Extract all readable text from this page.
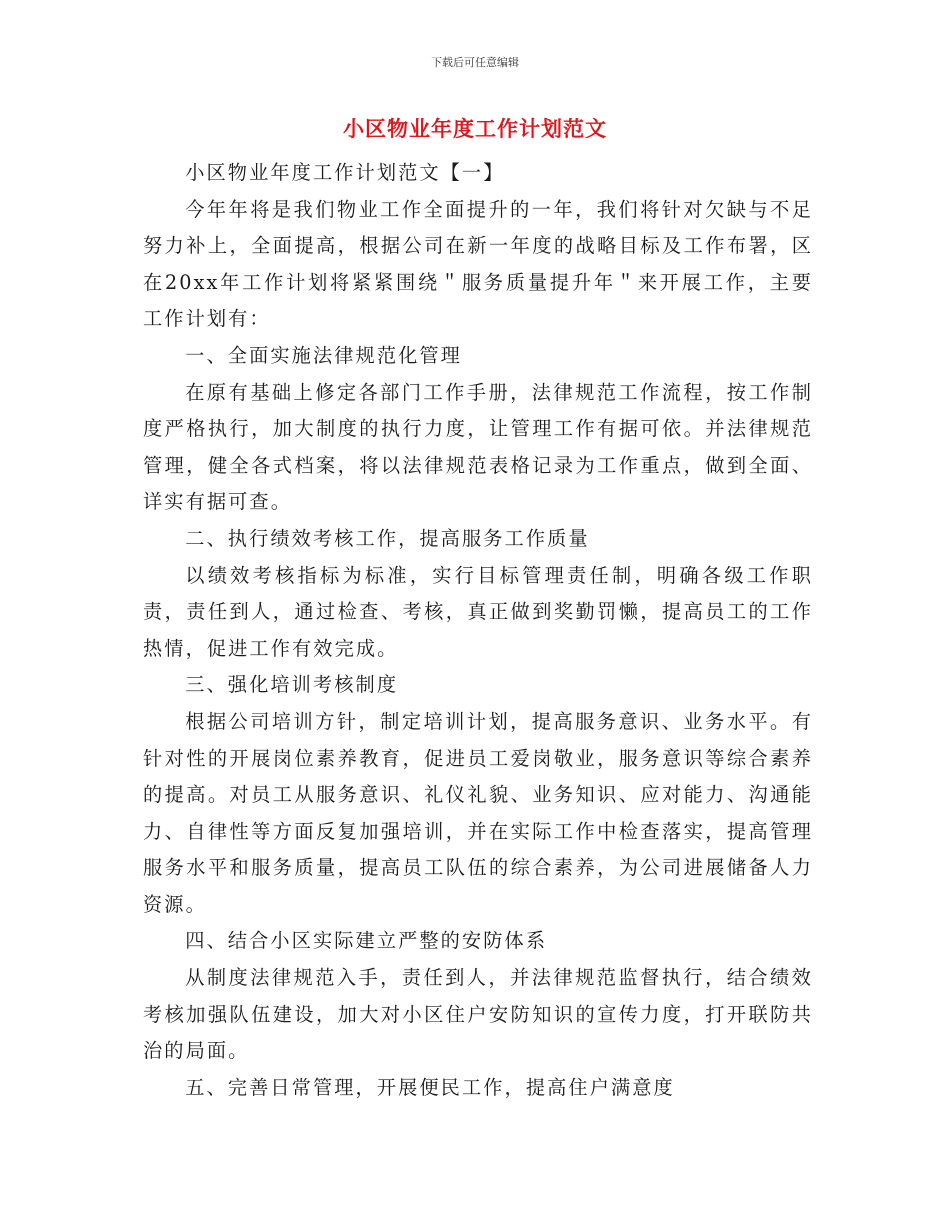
下载后可任意编辑
小区物业年度工作计划范文

小区物业年度工作计划范文【一】

今年年将是我们物业工作全面提升的一年，我们将针对欠缺与不足努力补上，全面提高，根据公司在新一年度的战略目标及工作布署，区在20xx年工作计划将紧紧围绕＂服务质量提升年＂来开展工作，主要工作计划有：

一、全面实施法律规范化管理

在原有基础上修定各部门工作手册，法律规范工作流程，按工作制度严格执行，加大制度的执行力度，让管理工作有据可依。并法律规范管理，健全各式档案，将以法律规范表格记录为工作重点，做到全面、详实有据可查。

二、执行绩效考核工作，提高服务工作质量

以绩效考核指标为标准，实行目标管理责任制，明确各级工作职责，责任到人，通过检查、考核，真正做到奖勤罚懒，提高员工的工作热情，促进工作有效完成。

三、强化培训考核制度

根据公司培训方针，制定培训计划，提高服务意识、业务水平。有针对性的开展岗位素养教育，促进员工爱岗敬业，服务意识等综合素养的提高。对员工从服务意识、礼仪礼貌、业务知识、应对能力、沟通能力、自律性等方面反复加强培训，并在实际工作中检查落实，提高管理服务水平和服务质量，提高员工队伍的综合素养，为公司进展储备人力资源。

四、结合小区实际建立严整的安防体系

从制度法律规范入手，责任到人，并法律规范监督执行，结合绩效考核加强队伍建设，加大对小区住户安防知识的宣传力度，打开联防共治的局面。

五、完善日常管理，开展便民工作，提高住户满意度
